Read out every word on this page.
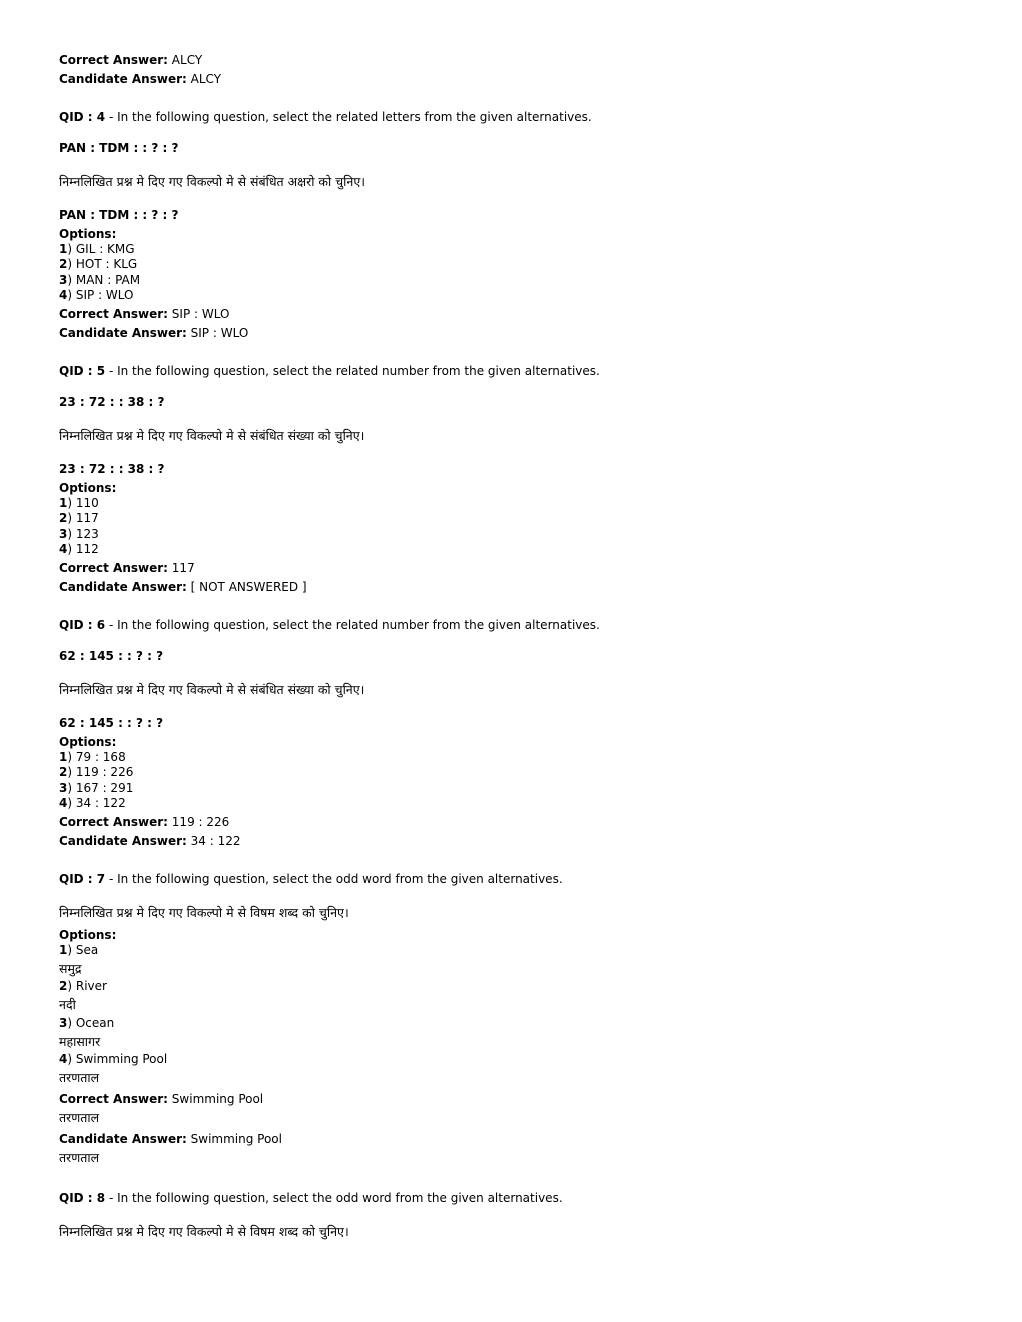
Correct Answer: ALCY
Candidate Answer: ALCY
QID : 4 - In the following question, select the related letters from the given alternatives.
PAN : TDM : : ? : ?
निम्नलिखित प्रश्न मे दिए गए विकल्पो मे से संबंधित अक्षरो को चुनिए।
PAN : TDM : : ? : ?
Options:
1) GIL : KMG
2) HOT : KLG
3) MAN : PAM
4) SIP : WLO
Correct Answer: SIP : WLO
Candidate Answer: SIP : WLO
QID : 5 - In the following question, select the related number from the given alternatives.
23 : 72 : : 38 : ?
निम्नलिखित प्रश्न मे दिए गए विकल्पो मे से संबंधित संख्या को चुनिए।
23 : 72 : : 38 : ?
Options:
1) 110
2) 117
3) 123
4) 112
Correct Answer: 117
Candidate Answer: [ NOT ANSWERED ]
QID : 6 - In the following question, select the related number from the given alternatives.
62 : 145 : : ? : ?
निम्नलिखित प्रश्न मे दिए गए विकल्पो मे से संबंधित संख्या को चुनिए।
62 : 145 : : ? : ?
Options:
1) 79 : 168
2) 119 : 226
3) 167 : 291
4) 34 : 122
Correct Answer: 119 : 226
Candidate Answer: 34 : 122
QID : 7 - In the following question, select the odd word from the given alternatives.
निम्नलिखित प्रश्न मे दिए गए विकल्पो मे से विषम शब्द को चुनिए।
Options:
1) Sea
समुद्र
2) River
नदी
3) Ocean
महासागर
4) Swimming Pool
तरणताल
Correct Answer: Swimming Pool
तरणताल
Candidate Answer: Swimming Pool
तरणताल
QID : 8 - In the following question, select the odd word from the given alternatives.
निम्नलिखित प्रश्न मे दिए गए विकल्पो मे से विषम शब्द को चुनिए।
